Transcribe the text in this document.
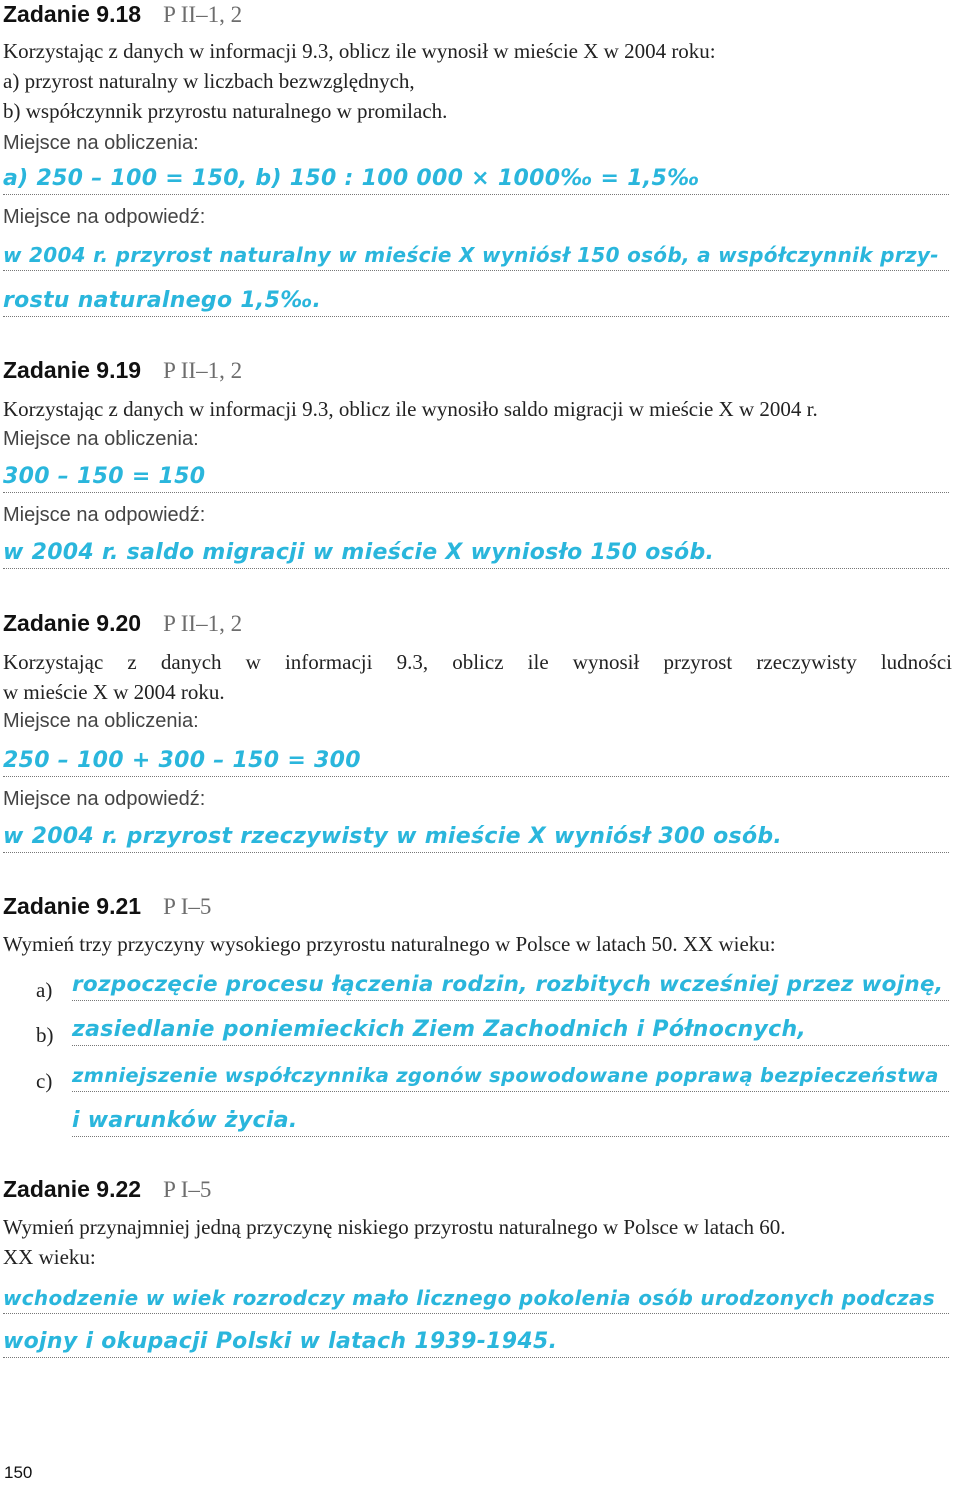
Zadanie 9.18 P II–1, 2
Korzystając z danych w informacji 9.3, oblicz ile wynosił w mieście X w 2004 roku:
a) przyrost naturalny w liczbach bezwzględnych,
b) współczynnik przyrostu naturalnego w promilach.
Miejsce na obliczenia:
a) 250 – 100 = 150, b) 150 : 100 000 × 1000‰ = 1,5‰
Miejsce na odpowiedź:
w 2004 r. przyrost naturalny w mieście X wyniósł 150 osób, a współczynnik przy-
rostu naturalnego 1,5‰.
Zadanie 9.19 P II–1, 2
Korzystając z danych w informacji 9.3, oblicz ile wynosiło saldo migracji w mieście X w 2004 r.
Miejsce na obliczenia:
300 – 150 = 150
Miejsce na odpowiedź:
w 2004 r. saldo migracji w mieście X wyniosło 150 osób.
Zadanie 9.20 P II–1, 2
Korzystając z danych w informacji 9.3, oblicz ile wynosił przyrost rzeczywisty ludności
w mieście X w 2004 roku.
Miejsce na obliczenia:
250 – 100 + 300 – 150 = 300
Miejsce na odpowiedź:
w 2004 r. przyrost rzeczywisty w mieście X wyniósł 300 osób.
Zadanie 9.21 P I–5
Wymień trzy przyczyny wysokiego przyrostu naturalnego w Polsce w latach 50. XX wieku:
a) rozpoczęcie procesu łączenia rodzin, rozbitych wcześniej przez wojnę,
b) zasiedlanie poniemieckich Ziem Zachodnich i Północnych,
c) zmniejszenie współczynnika zgonów spowodowane poprawą bezpieczeństwa
i warunków życia.
Zadanie 9.22 P I–5
Wymień przynajmniej jedną przyczynę niskiego przyrostu naturalnego w Polsce w latach 60.
XX wieku:
wchodzenie w wiek rozrodczy mało licznego pokolenia osób urodzonych podczas
wojny i okupacji Polski w latach 1939-1945.
150
